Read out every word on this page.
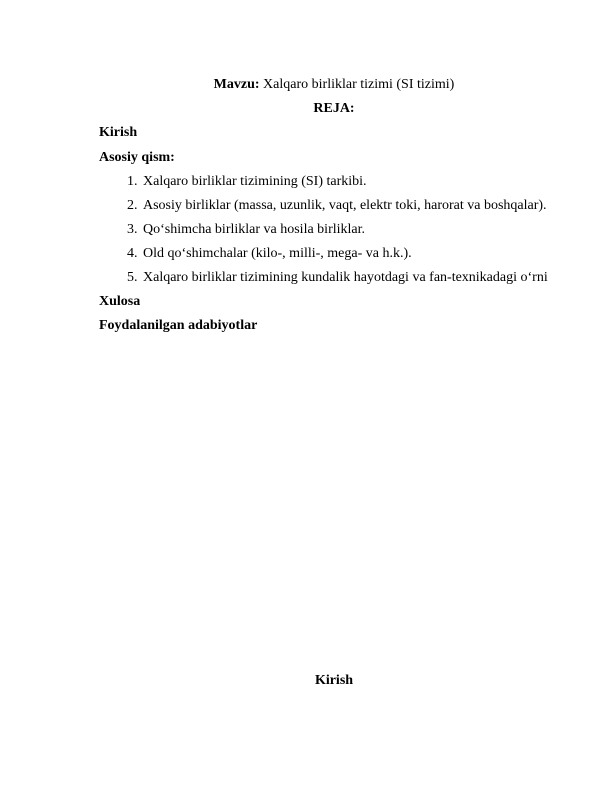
Mavzu: Xalqaro birliklar tizimi (SI tizimi)
REJA:
Kirish
Asosiy qism:
1. Xalqaro birliklar tizimining (SI) tarkibi.
2. Asosiy birliklar (massa, uzunlik, vaqt, elektr toki, harorat va boshqalar).
3. Qo‘shimcha birliklar va hosila birliklar.
4. Old qo‘shimchalar (kilo-, milli-, mega- va h.k.).
5. Xalqaro birliklar tizimining kundalik hayotdagi va fan-texnikadagi o‘rni
Xulosa
Foydalanilgan adabiyotlar
Kirish
